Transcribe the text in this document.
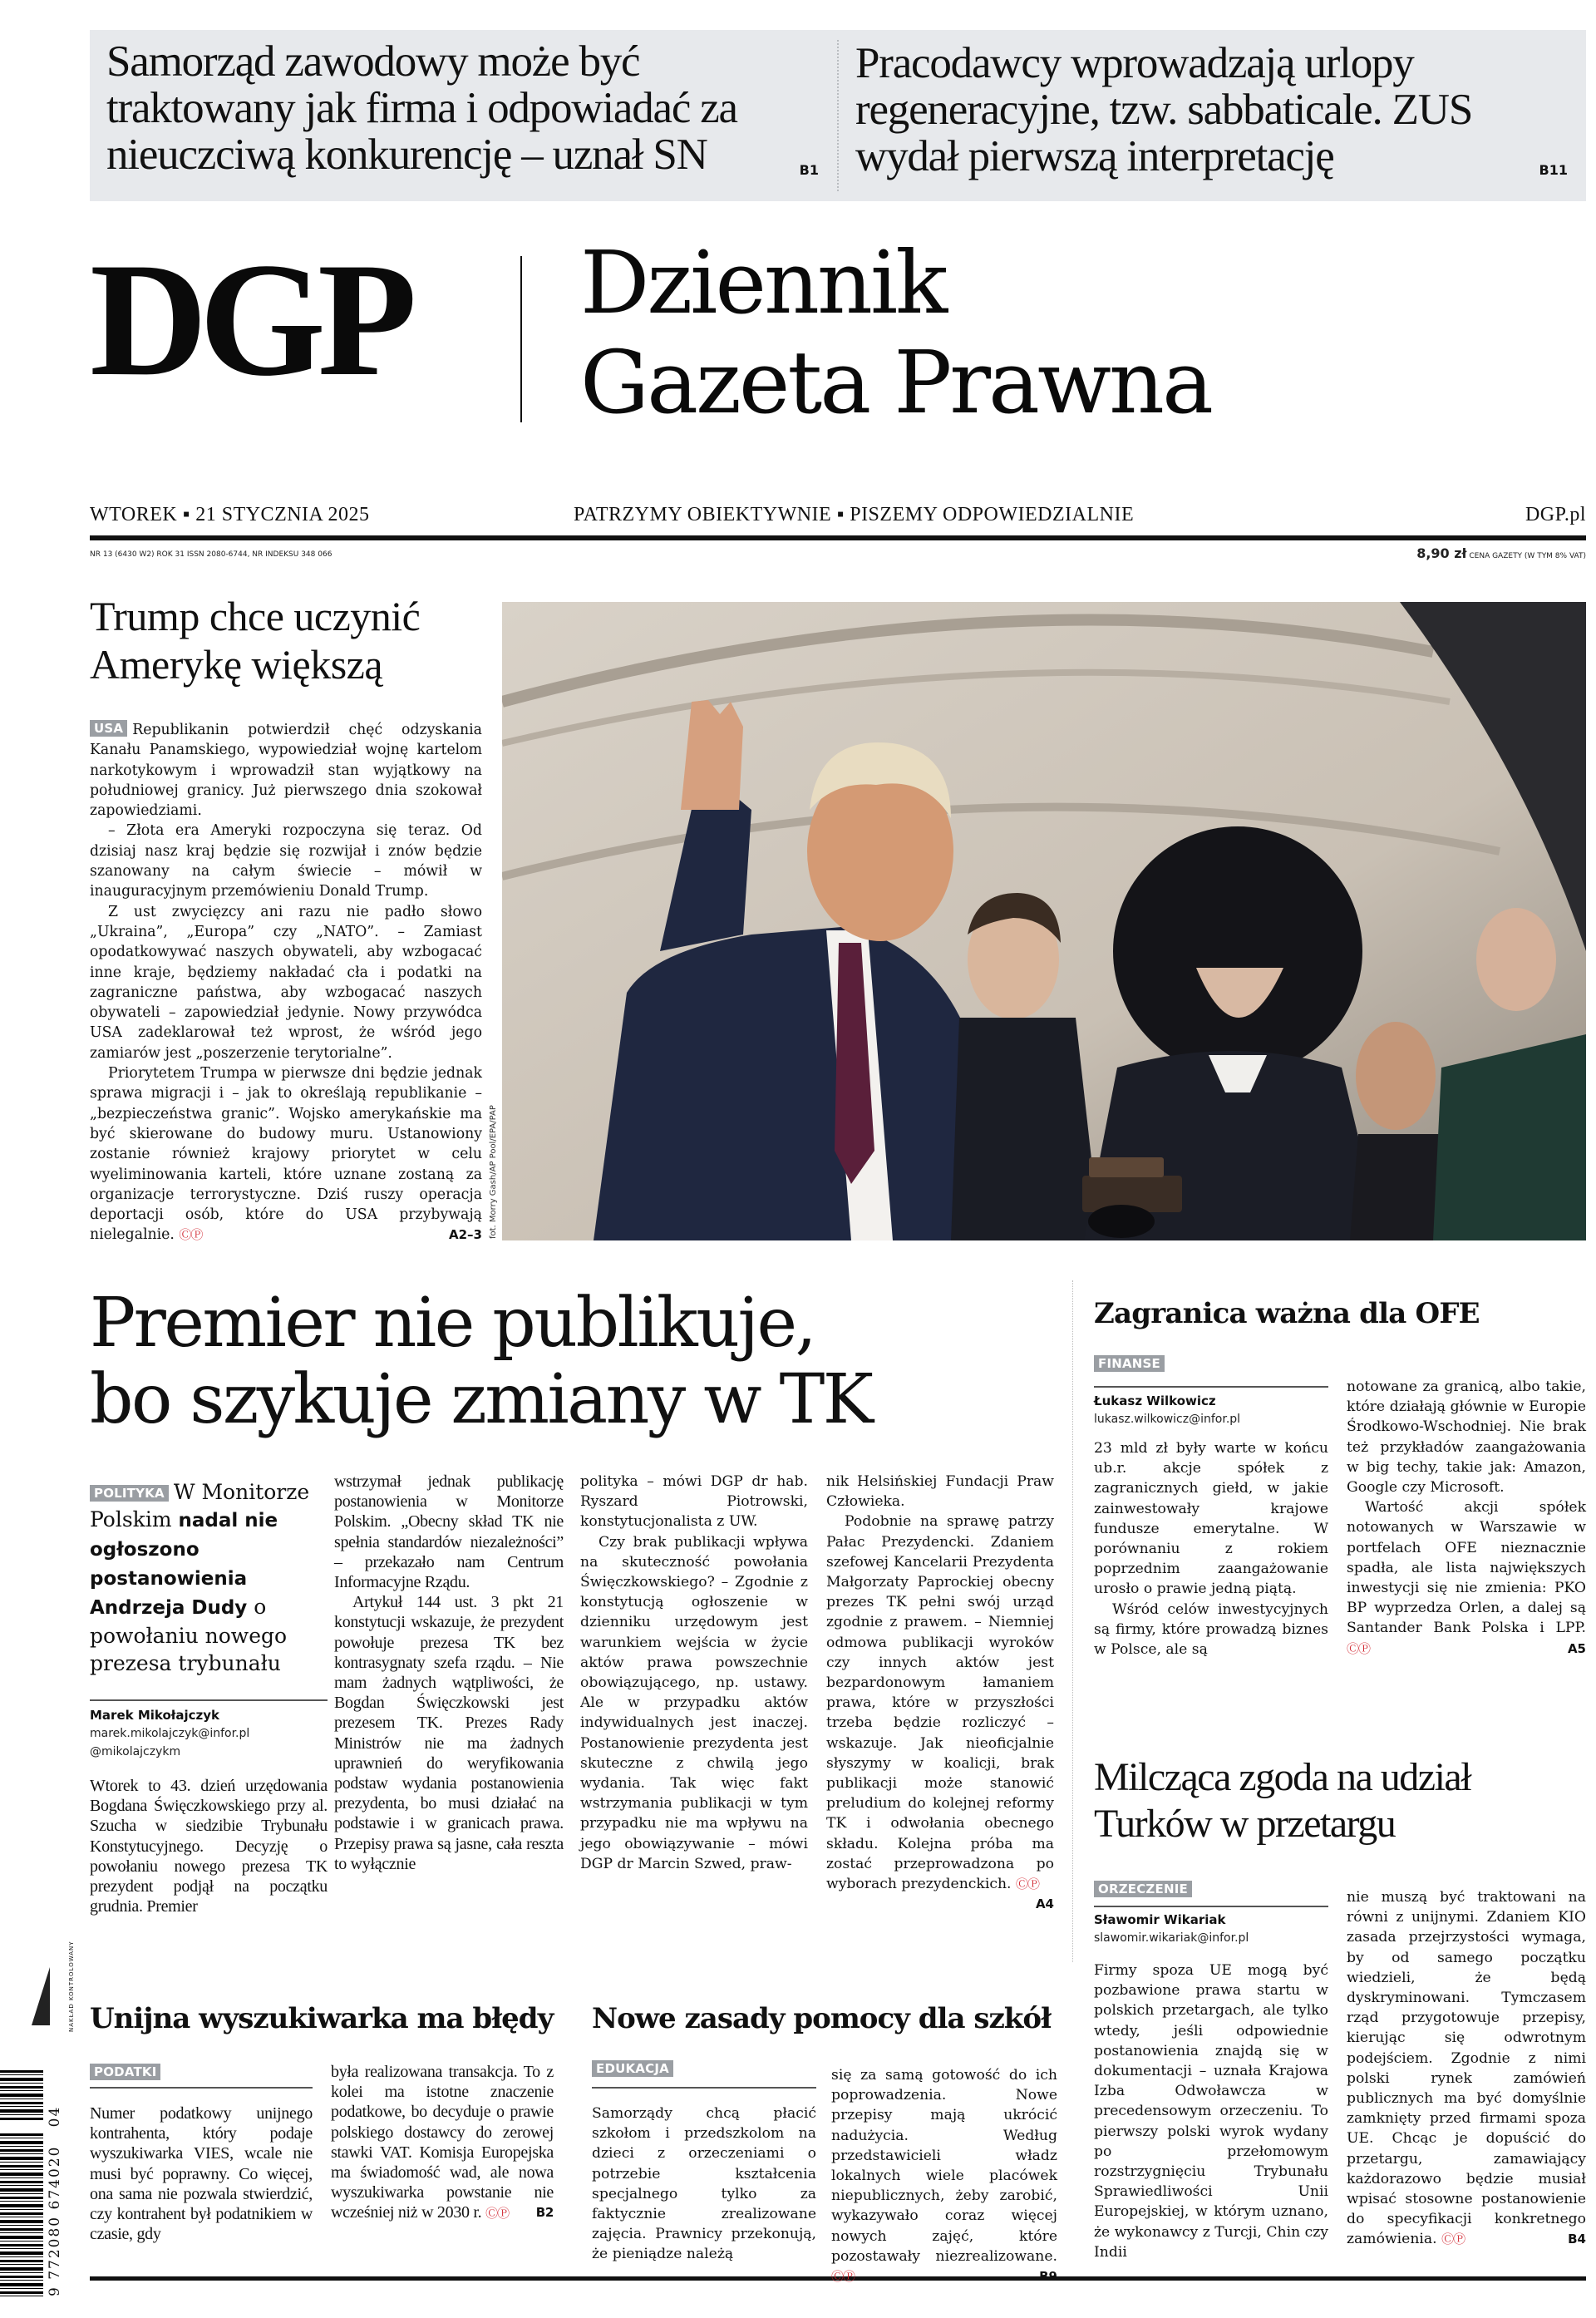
Samorząd zawodowy może być traktowany jak firma i odpowiadać za nieuczciwą konkurencję – uznał SN	B1
Pracodawcy wprowadzają urlopy regeneracyjne, tzw. sabbaticale. ZUS wydał pierwszą interpretację	B11
DGP Dziennik
Gazeta Prawna
WTOREK ▪ 21 STYCZNIA 2025	PATRZYMY OBIEKTYWNIE ▪ PISZEMY ODPOWIEDZIALNIE	DGP.pl
NR 13 (6430 W2) ROK 31 ISSN 2080-6744, NR INDEKSU 348 066	8,90 zł CENA GAZETY (W TYM 8% VAT)
Trump chce uczynić Amerykę większą

USA Republikanin potwierdził chęć odzyskania Kanału Panamskiego, wypowiedział wojnę kartelom narkotykowym i wprowadził stan wyjątkowy na południowej granicy. Już pierwszego dnia szokował zapowiedziami.

– Złota era Ameryki rozpoczyna się teraz. Od dzisiaj nasz kraj będzie się rozwijał i znów będzie szanowany na całym świecie – mówił w inauguracyjnym przemówieniu Donald Trump.

Z ust zwycięzcy ani razu nie padło słowo „Ukraina”, „Europa” czy „NATO”. – Zamiast opodatkowywać naszych obywateli, aby wzbogacać inne kraje, będziemy nakładać cła i podatki na zagraniczne państwa, aby wzbogacać naszych obywateli – zapowiedział jedynie. Nowy przywódca USA zadeklarował też wprost, że wśród jego zamiarów jest „poszerzenie terytorialne”.

Priorytetem Trumpa w pierwsze dni będzie jednak sprawa migracji i – jak to określają republikanie – „bezpieczeństwa granic”. Wojsko amerykańskie ma być skierowane do budowy muru. Ustanowiony zostanie również krajowy priorytet w celu wyeliminowania karteli, które uznane zostaną za organizacje terrorystyczne. Dziś ruszy operacja deportacji osób, które do USA przybywają nielegalnie. ⒸⓅ	A2–3 fot. Morry Gash/AP Pool/EPA/PAP
Premier nie publikuje,
bo szykuje zmiany w TK
POLITYKA W Monitorze Polskim nadal nie ogłoszono postanowienia Andrzeja Dudy o powołaniu nowego prezesa trybunału
Marek Mikołajczyk
marek.mikolajczyk@infor.pl
@mikolajczykm

Wtorek to 43. dzień urzędowania Bogdana Święczkowskiego przy al. Szucha w siedzibie Trybunału Konstytucyjnego. Decyzję o powołaniu nowego prezesa TK prezydent podjął na początku grudnia. Premier

wstrzymał jednak publikację postanowienia w Monitorze Polskim. „Obecny skład TK nie spełnia standardów niezależności” – przekazało nam Centrum Informacyjne Rządu.

Artykuł 144 ust. 3 pkt 21 konstytucji wskazuje, że prezydent powołuje prezesa TK bez kontrasygnaty szefa rządu. – Nie mam żadnych wątpliwości, że Bogdan Święczkowski jest prezesem TK. Prezes Rady Ministrów nie ma żadnych uprawnień do weryfikowania podstaw wydania postanowienia prezydenta, bo musi działać na podstawie i w granicach prawa. Przepisy prawa są jasne, cała reszta to wyłącznie

polityka – mówi DGP dr hab. Ryszard Piotrowski, konstytucjonalista z UW.

Czy brak publikacji wpływa na skuteczność powołania Święczkowskiego? – Zgodnie z konstytucją ogłoszenie w dzienniku urzędowym jest warunkiem wejścia w życie aktów prawa powszechnie obowiązującego, np. ustawy. Ale w przypadku aktów indywidualnych jest inaczej. Postanowienie prezydenta jest skuteczne z chwilą jego wydania. Tak więc fakt wstrzymania publikacji w tym przypadku nie ma wpływu na jego obowiązywanie – mówi DGP dr Marcin Szwed, praw-

nik Helsińskiej Fundacji Praw Człowieka.

Podobnie na sprawę patrzy Pałac Prezydencki. Zdaniem szefowej Kancelarii Prezydenta Małgorzaty Paprockiej obecny prezes TK pełni swój urząd zgodnie z prawem. – Niemniej odmowa publikacji wyroków czy innych aktów jest bezpardonowym łamaniem prawa, które w przyszłości trzeba będzie rozliczyć – wskazuje. Jak nieoficjalnie słyszymy w koalicji, brak publikacji może stanowić preludium do kolejnej reformy TK i odwołania obecnego składu. Kolejna próba ma zostać przeprowadzona po wyborach prezydenckich. ⒸⓅ
A4

Zagranica ważna dla OFE
FINANSE
Łukasz Wilkowicz
lukasz.wilkowicz@infor.pl

23 mld zł były warte w końcu ub.r. akcje spółek z zagranicznych giełd, w jakie zainwestowały krajowe fundusze emerytalne. W porównaniu z rokiem poprzednim zaangażowanie urosło o prawie jedną piątą.

Wśród celów inwestycyjnych są firmy, które prowadzą biznes w Polsce, ale są

notowane za granicą, albo takie, które działają głównie w Europie Środkowo-Wschodniej. Nie brak też przykładów zaangażowania w big techy, takie jak: Amazon, Google czy Microsoft.

Wartość akcji spółek notowanych w Warszawie w portfelach OFE nieznacznie spadła, ale lista największych inwestycji się nie zmienia: PKO BP wyprzedza Orlen, a dalej są Santander Bank Polska i LPP. ⒸⓅ	A5

Milcząca zgoda na udział Turków w przetargu
ORZECZENIE
Sławomir Wikariak
slawomir.wikariak@infor.pl

Firmy spoza UE mogą być pozbawione prawa startu w polskich przetargach, ale tylko wtedy, jeśli odpowiednie postanowienia znajdą się w dokumentacji – uznała Krajowa Izba Odwoławcza w precedensowym orzeczeniu. To pierwszy polski wyrok wydany po przełomowym rozstrzygnięciu Trybunału Sprawiedliwości Unii Europejskiej, w którym uznano, że wykonawcy z Turcji, Chin czy Indii

nie muszą być traktowani na równi z unijnymi. Zdaniem KIO zasada przejrzystości wymaga, by od samego początku wiedzieli, że będą dyskryminowani. Tymczasem rząd przygotowuje przepisy, kierując się odwrotnym podejściem. Zgodnie z nimi polski rynek zamówień publicznych ma być domyślnie zamknięty przed firmami spoza UE. Chcąc je dopuścić do przetargu, zamawiający każdorazowo będzie musiał wpisać stosowne postanowienie do specyfikacji konkretnego zamówienia. ⒸⓅ	B4

Unijna wyszukiwarka ma błędy
PODATKI

Numer podatkowy unijnego kontrahenta, który podaje wyszukiwarka VIES, wcale nie musi być poprawny. Co więcej, ona sama nie pozwala stwierdzić, czy kontrahent był podatnikiem w czasie, gdy

była realizowana transakcja. To z kolei ma istotne znaczenie podatkowe, bo decyduje o prawie polskiego dostawcy do zerowej stawki VAT. Komisja Europejska ma świadomość wad, ale nowa wyszukiwarka powstanie nie wcześniej niż w 2030 r. ⒸⓅ B2

Nowe zasady pomocy dla szkół
EDUKACJA

Samorządy chcą płacić szkołom i przedszkolom na dzieci z orzeczeniami o potrzebie kształcenia specjalnego tylko za faktycznie zrealizowane zajęcia. Prawnicy przekonują, że pieniądze należą

się za samą gotowość do ich poprowadzenia. Nowe przepisy mają ukrócić nadużycia. Według przedstawicieli władz lokalnych wiele placówek niepublicznych, żeby zarobić, wykazywało coraz więcej nowych zajęć, które pozostawały niezrealizowane. ⒸⓅ	B9

NAKŁAD KONTROLOWANY
9 772080 674020   04
